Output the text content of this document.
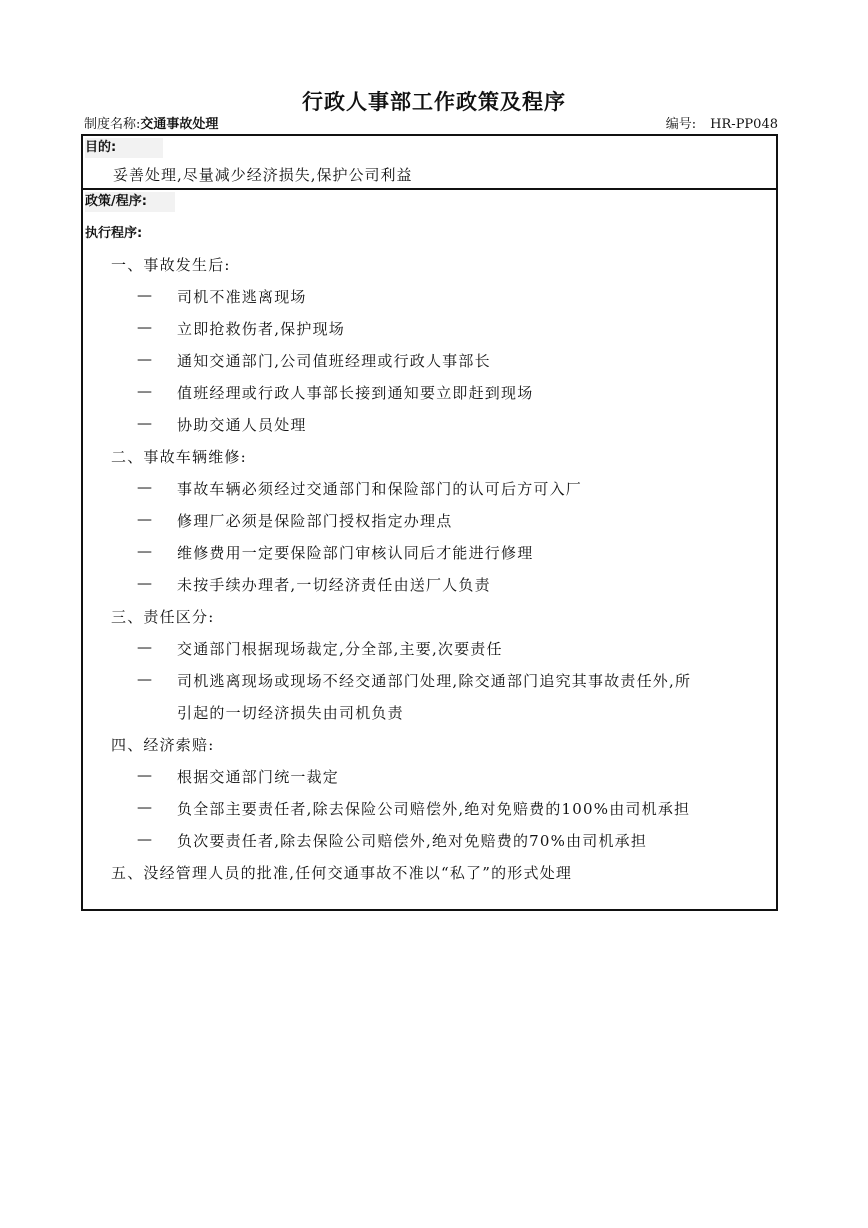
行政人事部工作政策及程序
制度名称:交通事故处理	编号: HR-PP048
目的:
妥善处理,尽量减少经济损失,保护公司利益
政策/程序:
执行程序:
一、事故发生后:
— 司机不准逃离现场
— 立即抢救伤者,保护现场
— 通知交通部门,公司值班经理或行政人事部长
— 值班经理或行政人事部长接到通知要立即赶到现场
— 协助交通人员处理
二、事故车辆维修:
— 事故车辆必须经过交通部门和保险部门的认可后方可入厂
— 修理厂必须是保险部门授权指定办理点
— 维修费用一定要保险部门审核认同后才能进行修理
— 未按手续办理者,一切经济责任由送厂人负责
三、责任区分:
— 交通部门根据现场裁定,分全部,主要,次要责任
— 司机逃离现场或现场不经交通部门处理,除交通部门追究其事故责任外,所
引起的一切经济损失由司机负责
四、经济索赔:
— 根据交通部门统一裁定
— 负全部主要责任者,除去保险公司赔偿外,绝对免赔费的100%由司机承担
— 负次要责任者,除去保险公司赔偿外,绝对免赔费的70%由司机承担
五、没经管理人员的批准,任何交通事故不准以“私了”的形式处理
